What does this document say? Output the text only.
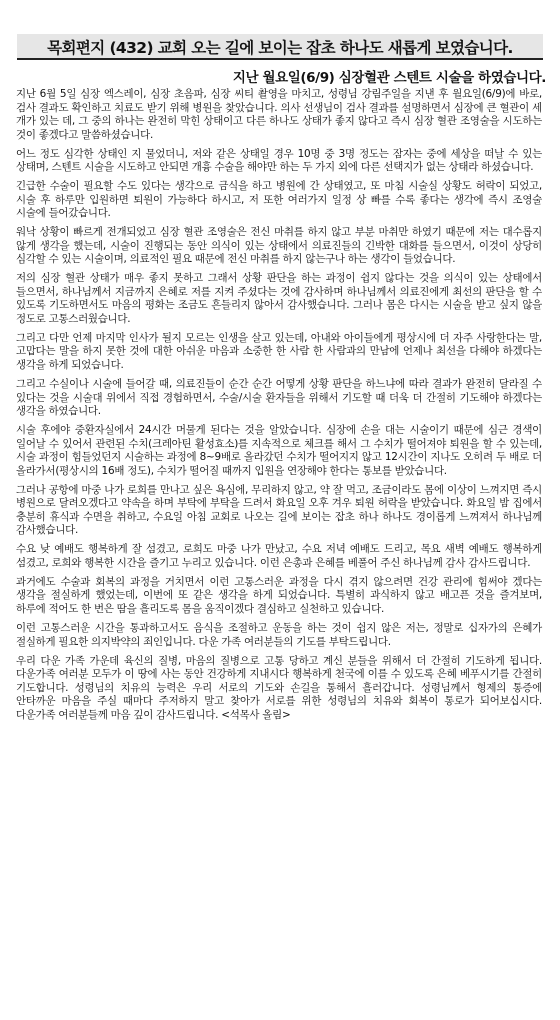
목회편지 (432) 교회 오는 길에 보이는 잡초 하나도 새롭게 보였습니다.
지난 월요일(6/9) 심장혈관 스텐트 시술을 하였습니다.

지난 6월 5일 심장 엑스레이, 심장 초음파, 심장 씨티 촬영을 마치고, 성령님 강림주일을 지낸 후 월요일(6/9)에 바로, 검사 결과도 확인하고 치료도 받기 위해 병원을 찾았습니다. 의사 선생님이 검사 결과를 설명하면서 심장에 큰 혈관이 세 개가 있는 데, 그 중의 하나는 완전히 막힌 상태이고 다른 하나도 상태가 좋지 않다고 즉시 심장 혈관 조영술을 시도하는 것이 좋겠다고 말씀하셨습니다.

어느 정도 심각한 상태인 지 물었더니, 저와 같은 상태일 경우 10명 중 3명 정도는 잠자는 중에 세상을 떠날 수 있는 상태며, 스텐트 시술을 시도하고 안되면 개흉 수술을 해야만 하는 두 가지 외에 다른 선택지가 없는 상태라 하셨습니다.

긴급한 수술이 필요할 수도 있다는 생각으로 금식을 하고 병원에 간 상태였고, 또 마침 시술실 상황도 허락이 되었고, 시술 후 하루만 입원하면 퇴원이 가능하다 하시고, 저 또한 여러가지 일정 상 빠를 수록 좋다는 생각에 즉시 조영술 시술에 들어갔습니다.

워낙 상황이 빠르게 전개되었고 심장 혈관 조영술은 전신 마취를 하지 않고 부분 마취만 하였기 때문에 저는 대수롭지 않게 생각을 했는데, 시술이 진행되는 동안 의식이 있는 상태에서 의료진들의 긴박한 대화를 들으면서, 이것이 상당히 심각할 수 있는 시술이며, 의료적인 필요 때문에 전신 마취를 하지 않는구나 하는 생각이 들었습니다.

저의 심장 혈관 상태가 매우 좋지 못하고 그래서 상황 판단을 하는 과정이 쉽지 않다는 것을 의식이 있는 상태에서 들으면서, 하나님께서 지금까지 은혜로 저를 지켜 주셨다는 것에 감사하며 하나님께서 의료진에게 최선의 판단을 할 수 있도록 기도하면서도 마음의 평화는 조금도 흔들리지 않아서 감사했습니다. 그러나 몸은 다시는 시술을 받고 싶지 않을 정도로 고통스러웠습니다.

그리고 다만 언제 마지막 인사가 될지 모르는 인생을 살고 있는데, 아내와 아이들에게 평상시에 더 자주 사랑한다는 말, 고맙다는 말을 하지 못한 것에 대한 아쉬운 마음과 소중한 한 사람 한 사람과의 만남에 언제나 최선을 다해야 하겠다는 생각을 하게 되었습니다.

그리고 수실이나 시술에 들어갈 때, 의료진들이 순간 순간 어떻게 상황 판단을 하느냐에 따라 결과가 완전히 달라질 수 있다는 것을 시술대 위에서 직접 경험하면서, 수술/시술 환자들을 위해서 기도할 때 더욱 더 간절히 기도해야 하겠다는 생각을 하였습니다.

시술 후에야 중환자실에서 24시간 머물게 된다는 것을 알았습니다. 심장에 손을 대는 시술이기 때문에 심근 경색이 일어날 수 있어서 관련된 수치(크레아틴 활성효소)를 지속적으로 체크를 해서 그 수치가 떨어져야 퇴원을 할 수 있는데, 시술 과정이 힘들었던지 시술하는 과정에 8~9배로 올라갔던 수치가 떨어지지 않고 12시간이 지나도 오히려 두 배로 더 올라가서(평상시의 16배 정도), 수치가 떨어질 때까지 입원을 연장해야 한다는 통보를 받았습니다.

그러나 공항에 마중 나가 로희를 만나고 싶은 욕심에, 무리하지 않고, 약 잘 먹고, 조금이라도 몸에 이상이 느껴지면 즉시 병원으로 달려오겠다고 약속을 하며 부탁에 부탁을 드려서 화요일 오후 겨우 퇴원 허락을 받았습니다. 화요일 밤 집에서 충분히 휴식과 수면을 취하고, 수요일 아침 교회로 나오는 길에 보이는 잡초 하나 하나도 경이롭게 느껴져서 하나님께 감사했습니다.

수요 낮 예배도 행복하게 잘 섬겼고, 로희도 마중 나가 만났고, 수요 저녁 예배도 드리고, 목요 새벽 예배도 행복하게 섬겼고, 로희와 행복한 시간을 즐기고 누리고 있습니다. 이런 은총과 은혜를 베풀어 주신 하나님께 감사 감사드립니다.

과거에도 수술과 회복의 과정을 거치면서 이런 고통스러운 과정을 다시 겪지 않으려면 건강 관리에 힘써야 겠다는 생각을 절실하게 했었는데, 이번에 또 같은 생각을 하게 되었습니다. 특별히 과식하지 않고 배고픈 것을 즐겨보며, 하루에 적어도 한 번은 땀을 흘리도록 몸을 움직이겠다 결심하고 실천하고 있습니다.

이런 고통스러운 시간을 통과하고서도 음식을 조절하고 운동을 하는 것이 쉽지 않은 저는, 정말로 십자가의 은혜가 절실하게 필요한 의지박약의 죄인입니다. 다운 가족 여러분들의 기도를 부탁드립니다.

우리 다운 가족 가운데 육신의 질병, 마음의 질병으로 고통 당하고 계신 분들을 위해서 더 간절히 기도하게 됩니다. 다운가족 여러분 모두가 이 땅에 사는 동안 건강하게 지내시다 행복하게 천국에 이를 수 있도록 은혜 베푸시기를 간절히 기도합니다. 성령님의 치유의 능력은 우리 서로의 기도와 손길을 통해서 흘러갑니다. 성령님께서 형제의 통증에 안타까운 마음을 주실 때마다 주저하지 말고 찾아가 서로를 위한 성령님의 치유와 회복이 통로가 되어보십시다. 다운가족 여러분들께 마음 깊이 감사드립니다. <석목사 올림>
